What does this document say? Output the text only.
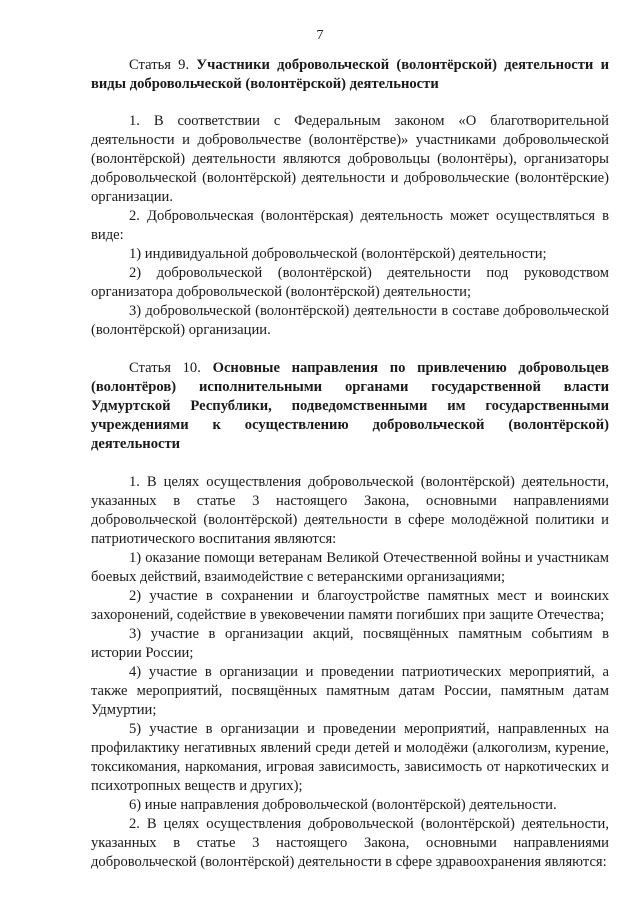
7

Статья 9. Участники добровольческой (волонтёрской) деятельности и виды добровольческой (волонтёрской) деятельности

1. В соответствии с Федеральным законом «О благотворительной деятельности и добровольчестве (волонтёрстве)» участниками добровольческой (волонтёрской) деятельности являются добровольцы (волонтёры), организаторы добровольческой (волонтёрской) деятельности и добровольческие (волонтёрские) организации.

2. Добровольческая (волонтёрская) деятельность может осуществляться в виде:

1) индивидуальной добровольческой (волонтёрской) деятельности;

2) добровольческой (волонтёрской) деятельности под руководством организатора добровольческой (волонтёрской) деятельности;

3) добровольческой (волонтёрской) деятельности в составе добровольческой (волонтёрской) организации.

Статья 10. Основные направления по привлечению добровольцев (волонтёров) исполнительными органами государственной власти Удмуртской Республики, подведомственными им государственными учреждениями к осуществлению добровольческой (волонтёрской) деятельности

1. В целях осуществления добровольческой (волонтёрской) деятельности, указанных в статье 3 настоящего Закона, основными направлениями добровольческой (волонтёрской) деятельности в сфере молодёжной политики и патриотического воспитания являются:

1) оказание помощи ветеранам Великой Отечественной войны и участникам боевых действий, взаимодействие с ветеранскими организациями;

2) участие в сохранении и благоустройстве памятных мест и воинских захоронений, содействие в увековечении памяти погибших при защите Отечества;

3) участие в организации акций, посвящённых памятным событиям в истории России;

4) участие в организации и проведении патриотических мероприятий, а также мероприятий, посвящённых памятным датам России, памятным датам Удмуртии;

5) участие в организации и проведении мероприятий, направленных на профилактику негативных явлений среди детей и молодёжи (алкоголизм, курение, токсикомания, наркомания, игровая зависимость, зависимость от наркотических и психотропных веществ и других);

6) иные направления добровольческой (волонтёрской) деятельности.

2. В целях осуществления добровольческой (волонтёрской) деятельности, указанных в статье 3 настоящего Закона, основными направлениями добровольческой (волонтёрской) деятельности в сфере здравоохранения являются:
